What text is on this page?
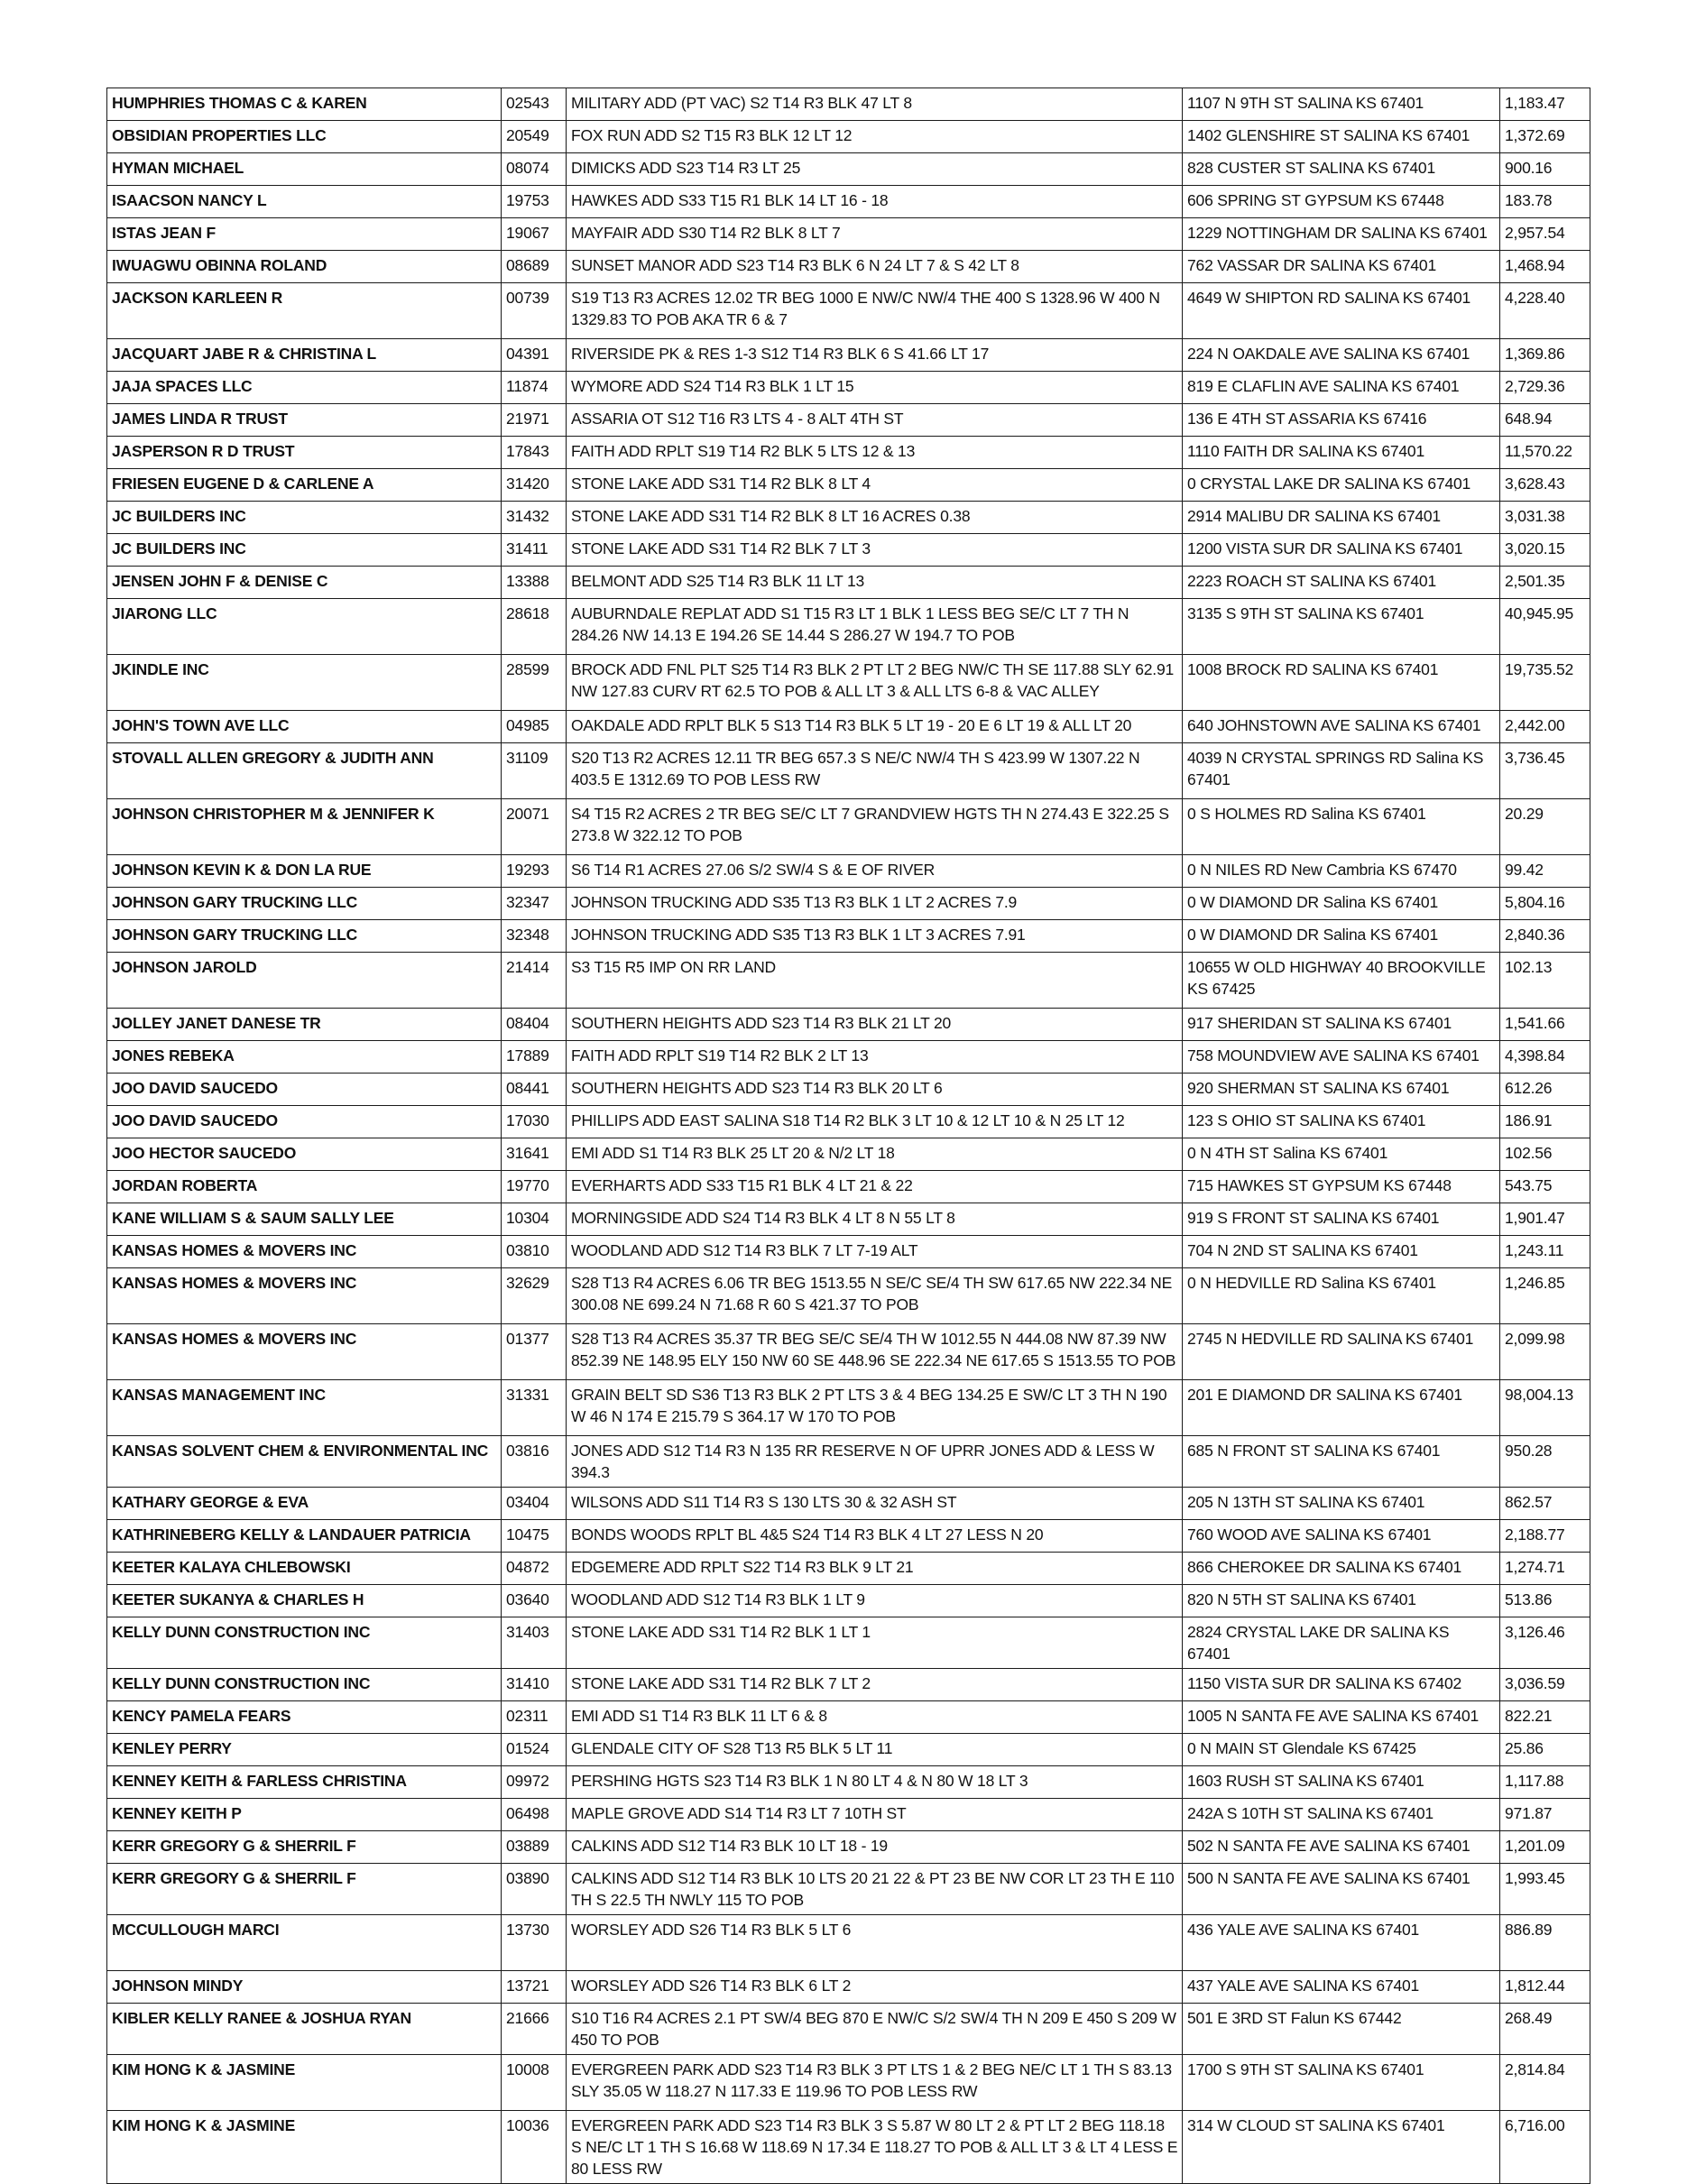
HUMPHRIES THOMAS C & KAREN	02543	MILITARY ADD (PT VAC) S2 T14 R3 BLK 47 LT 8	1107 N 9TH ST SALINA KS 67401	1,183.47
OBSIDIAN PROPERTIES LLC	20549	FOX RUN ADD S2 T15 R3 BLK 12 LT 12	1402 GLENSHIRE ST SALINA KS 67401	1,372.69
HYMAN MICHAEL	08074	DIMICKS ADD S23 T14 R3 LT 25	828 CUSTER ST SALINA KS 67401	900.16
ISAACSON NANCY L	19753	HAWKES ADD S33 T15 R1 BLK 14 LT 16 - 18	606 SPRING ST GYPSUM KS 67448	183.78
ISTAS JEAN F	19067	MAYFAIR ADD S30 T14 R2 BLK 8 LT 7	1229 NOTTINGHAM DR SALINA KS 67401	2,957.54
IWUAGWU OBINNA ROLAND	08689	SUNSET MANOR ADD S23 T14 R3 BLK 6 N 24 LT 7 & S 42 LT 8	762 VASSAR DR SALINA KS 67401	1,468.94
JACKSON KARLEEN R	00739	S19 T13 R3 ACRES 12.02 TR BEG 1000 E NW/C NW/4 THE 400 S 1328.96 W 400 N 1329.83 TO POB AKA TR 6 & 7	4649 W SHIPTON RD SALINA KS 67401	4,228.40
JACQUART JABE R & CHRISTINA L	04391	RIVERSIDE PK & RES 1-3 S12 T14 R3 BLK 6 S 41.66 LT 17	224 N OAKDALE AVE SALINA KS 67401	1,369.86
JAJA SPACES LLC	11874	WYMORE ADD S24 T14 R3 BLK 1 LT 15	819 E CLAFLIN AVE SALINA KS 67401	2,729.36
JAMES LINDA R TRUST	21971	ASSARIA OT S12 T16 R3 LTS 4 - 8 ALT 4TH ST	136 E 4TH ST ASSARIA KS 67416	648.94
JASPERSON R D TRUST	17843	FAITH ADD RPLT S19 T14 R2 BLK 5 LTS 12 & 13	1110 FAITH DR SALINA KS 67401	11,570.22
FRIESEN EUGENE D & CARLENE A	31420	STONE LAKE ADD S31 T14 R2 BLK 8 LT 4	0 CRYSTAL LAKE DR SALINA KS 67401	3,628.43
JC BUILDERS INC	31432	STONE LAKE ADD S31 T14 R2 BLK 8 LT 16 ACRES 0.38	2914 MALIBU DR SALINA KS 67401	3,031.38
JC BUILDERS INC	31411	STONE LAKE ADD S31 T14 R2 BLK 7 LT 3	1200 VISTA SUR DR SALINA KS 67401	3,020.15
JENSEN JOHN F & DENISE C	13388	BELMONT ADD S25 T14 R3 BLK 11 LT 13	2223 ROACH ST SALINA KS 67401	2,501.35
JIARONG LLC	28618	AUBURNDALE REPLAT ADD S1 T15 R3 LT 1 BLK 1 LESS BEG SE/C LT 7 TH N 284.26 NW 14.13 E 194.26 SE 14.44 S 286.27 W 194.7 TO POB	3135 S 9TH ST SALINA KS 67401	40,945.95
JKINDLE INC	28599	BROCK ADD FNL PLT S25 T14 R3 BLK 2 PT LT 2 BEG NW/C TH SE 117.88 SLY 62.91 NW 127.83 CURV RT 62.5 TO POB & ALL LT 3 & ALL LTS 6-8 & VAC ALLEY	1008 BROCK RD SALINA KS 67401	19,735.52
JOHN'S TOWN AVE LLC	04985	OAKDALE ADD RPLT BLK 5 S13 T14 R3 BLK 5 LT 19 - 20 E 6 LT 19 & ALL LT 20	640 JOHNSTOWN AVE SALINA KS 67401	2,442.00
STOVALL ALLEN GREGORY & JUDITH ANN	31109	S20 T13 R2 ACRES 12.11 TR BEG 657.3 S NE/C NW/4 TH S 423.99 W 1307.22 N 403.5 E 1312.69 TO POB LESS RW	4039 N CRYSTAL SPRINGS RD Salina KS 67401	3,736.45
JOHNSON CHRISTOPHER M & JENNIFER K	20071	S4 T15 R2 ACRES 2 TR BEG SE/C LT 7 GRANDVIEW HGTS TH N 274.43 E 322.25 S 273.8 W 322.12 TO POB	0 S HOLMES RD Salina KS 67401	20.29
JOHNSON KEVIN K & DON LA RUE	19293	S6 T14 R1 ACRES 27.06 S/2 SW/4 S & E OF RIVER	0 N NILES RD New Cambria KS 67470	99.42
JOHNSON GARY TRUCKING LLC	32347	JOHNSON TRUCKING ADD S35 T13 R3 BLK 1 LT 2 ACRES 7.9	0 W DIAMOND DR Salina KS 67401	5,804.16
JOHNSON GARY TRUCKING LLC	32348	JOHNSON TRUCKING ADD S35 T13 R3 BLK 1 LT 3 ACRES 7.91	0 W DIAMOND DR Salina KS 67401	2,840.36
JOHNSON JAROLD	21414	S3 T15 R5 IMP ON RR LAND	10655 W OLD HIGHWAY 40 BROOKVILLE KS 67425	102.13
JOLLEY JANET DANESE TR	08404	SOUTHERN HEIGHTS ADD S23 T14 R3 BLK 21 LT 20	917 SHERIDAN ST SALINA KS 67401	1,541.66
JONES REBEKA	17889	FAITH ADD RPLT S19 T14 R2 BLK 2 LT 13	758 MOUNDVIEW AVE SALINA KS 67401	4,398.84
JOO DAVID SAUCEDO	08441	SOUTHERN HEIGHTS ADD S23 T14 R3 BLK 20 LT 6	920 SHERMAN ST SALINA KS 67401	612.26
JOO DAVID SAUCEDO	17030	PHILLIPS ADD EAST SALINA S18 T14 R2 BLK 3 LT 10 & 12 LT 10 & N 25 LT 12	123 S OHIO ST SALINA KS 67401	186.91
JOO HECTOR SAUCEDO	31641	EMI ADD S1 T14 R3 BLK 25 LT 20 & N/2 LT 18	0 N 4TH ST Salina KS 67401	102.56
JORDAN ROBERTA	19770	EVERHARTS ADD S33 T15 R1 BLK 4 LT 21 & 22	715 HAWKES ST GYPSUM KS 67448	543.75
KANE WILLIAM S & SAUM SALLY LEE	10304	MORNINGSIDE ADD S24 T14 R3 BLK 4 LT 8 N 55 LT 8	919 S FRONT ST SALINA KS 67401	1,901.47
KANSAS HOMES & MOVERS INC	03810	WOODLAND ADD S12 T14 R3 BLK 7 LT 7-19 ALT	704 N 2ND ST SALINA KS 67401	1,243.11
KANSAS HOMES & MOVERS INC	32629	S28 T13 R4 ACRES 6.06 TR BEG 1513.55 N SE/C SE/4 TH SW 617.65 NW 222.34 NE 300.08 NE 699.24 N 71.68 R 60 S 421.37 TO POB	0 N HEDVILLE RD Salina KS 67401	1,246.85
KANSAS HOMES & MOVERS INC	01377	S28 T13 R4 ACRES 35.37 TR BEG SE/C SE/4 TH W 1012.55 N 444.08 NW 87.39 NW 852.39 NE 148.95 ELY 150 NW 60 SE 448.96 SE 222.34 NE 617.65 S 1513.55 TO POB	2745 N HEDVILLE RD SALINA KS 67401	2,099.98
KANSAS MANAGEMENT INC	31331	GRAIN BELT SD S36 T13 R3 BLK 2 PT LTS 3 & 4 BEG 134.25 E SW/C LT 3 TH N 190 W 46 N 174 E 215.79 S 364.17 W 170 TO POB	201 E DIAMOND DR SALINA KS 67401	98,004.13
KANSAS SOLVENT CHEM & ENVIRONMENTAL INC	03816	JONES ADD S12 T14 R3 N 135 RR RESERVE N OF UPRR JONES ADD & LESS W 394.3	685 N FRONT ST SALINA KS 67401	950.28
KATHARY GEORGE & EVA	03404	WILSONS ADD S11 T14 R3 S 130 LTS 30 & 32 ASH ST	205 N 13TH ST SALINA KS 67401	862.57
KATHRINEBERG KELLY & LANDAUER PATRICIA	10475	BONDS WOODS RPLT BL 4&5 S24 T14 R3 BLK 4 LT 27 LESS N 20	760 WOOD AVE SALINA KS 67401	2,188.77
KEETER KALAYA CHLEBOWSKI	04872	EDGEMERE ADD RPLT S22 T14 R3 BLK 9 LT 21	866 CHEROKEE DR SALINA KS 67401	1,274.71
KEETER SUKANYA & CHARLES H	03640	WOODLAND ADD S12 T14 R3 BLK 1 LT 9	820 N 5TH ST SALINA KS 67401	513.86
KELLY DUNN CONSTRUCTION INC	31403	STONE LAKE ADD S31 T14 R2 BLK 1 LT 1	2824 CRYSTAL LAKE DR SALINA KS 67401	3,126.46
KELLY DUNN CONSTRUCTION INC	31410	STONE LAKE ADD S31 T14 R2 BLK 7 LT 2	1150 VISTA SUR DR SALINA KS 67402	3,036.59
KENCY PAMELA FEARS	02311	EMI ADD S1 T14 R3 BLK 11 LT 6 & 8	1005 N SANTA FE AVE SALINA KS 67401	822.21
KENLEY PERRY	01524	GLENDALE CITY OF S28 T13 R5 BLK 5 LT 11	0 N MAIN ST Glendale KS 67425	25.86
KENNEY KEITH & FARLESS CHRISTINA	09972	PERSHING HGTS S23 T14 R3 BLK 1 N 80 LT 4 & N 80 W 18 LT 3	1603 RUSH ST SALINA KS 67401	1,117.88
KENNEY KEITH P	06498	MAPLE GROVE ADD S14 T14 R3 LT 7 10TH ST	242A S 10TH ST SALINA KS 67401	971.87
KERR GREGORY G & SHERRIL F	03889	CALKINS ADD S12 T14 R3 BLK 10 LT 18 - 19	502 N SANTA FE AVE SALINA KS 67401	1,201.09
KERR GREGORY G & SHERRIL F	03890	CALKINS ADD S12 T14 R3 BLK 10 LTS 20 21 22 & PT 23 BE NW COR LT 23 TH E 110 TH S 22.5 TH NWLY 115 TO POB	500 N SANTA FE AVE SALINA KS 67401	1,993.45
MCCULLOUGH MARCI	13730	WORSLEY ADD S26 T14 R3 BLK 5 LT 6	436 YALE AVE SALINA KS 67401	886.89
JOHNSON MINDY	13721	WORSLEY ADD S26 T14 R3 BLK 6 LT 2	437 YALE AVE SALINA KS 67401	1,812.44
KIBLER KELLY RANEE & JOSHUA RYAN	21666	S10 T16 R4 ACRES 2.1 PT SW/4 BEG 870 E NW/C S/2 SW/4 TH N 209 E 450 S 209 W 450 TO POB	501 E 3RD ST Falun KS 67442	268.49
KIM HONG K & JASMINE	10008	EVERGREEN PARK ADD S23 T14 R3 BLK 3 PT LTS 1 & 2 BEG NE/C LT 1 TH S 83.13 SLY 35.05 W 118.27 N 117.33 E 119.96 TO POB LESS RW	1700 S 9TH ST SALINA KS 67401	2,814.84
KIM HONG K & JASMINE	10036	EVERGREEN PARK ADD S23 T14 R3 BLK 3 S 5.87 W 80 LT 2 & PT LT 2 BEG 118.18 S NE/C LT 1 TH S 16.68 W 118.69 N 17.34 E 118.27 TO POB & ALL LT 3 & LT 4 LESS E 80 LESS RW	314 W CLOUD ST SALINA KS 67401	6,716.00
